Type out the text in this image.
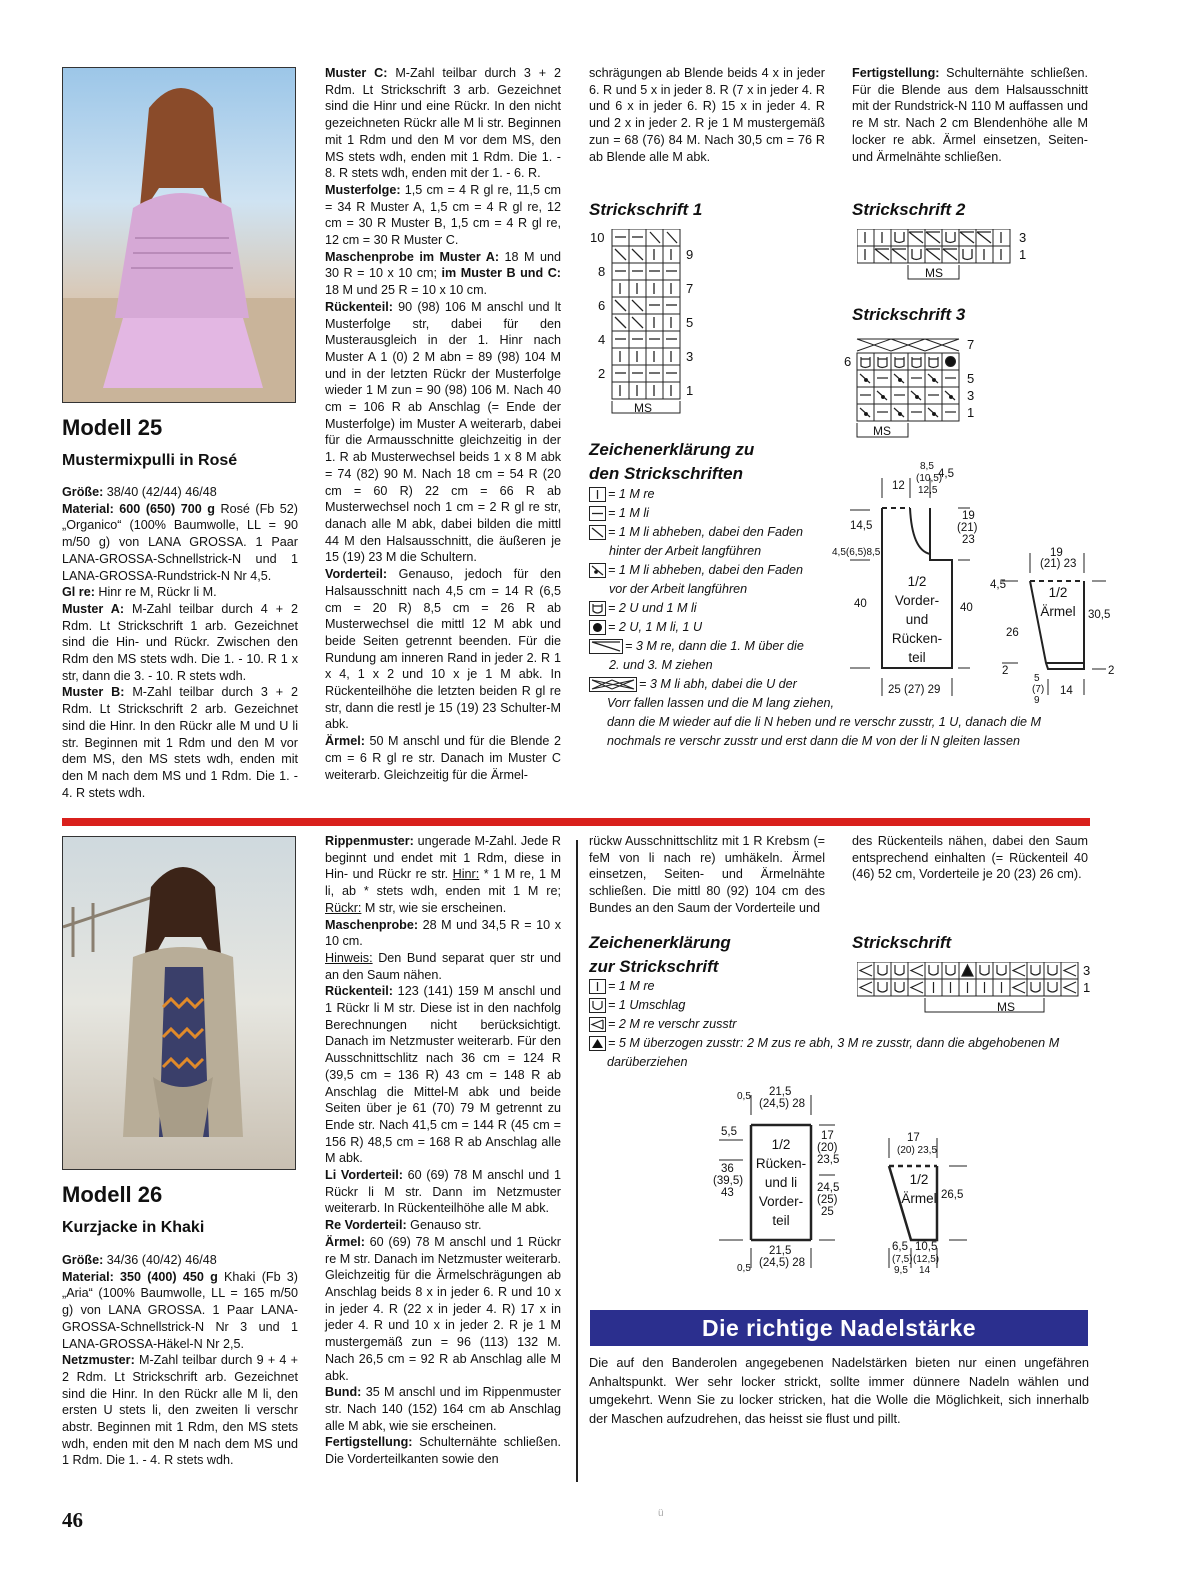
Modell 25
Mustermixpulli in Rosé
Größe: 38/40 (42/44) 46/48
Material: 600 (650) 700 g Rosé (Fb 52) „Organico“ (100% Baumwolle, LL = 90 m/50 g) von LANA GROSSA. 1 Paar LANA-GROSSA-Schnellstrick-N und 1 LANA-GROSSA-Rundstrick-N Nr 4,5.
Gl re: Hinr re M, Rückr li M.
Muster A: M-Zahl teilbar durch 4 + 2 Rdm. Lt Strickschrift 1 arb. Gezeichnet sind die Hin- und Rückr. Zwischen den Rdm den MS stets wdh. Die 1. - 10. R 1 x str, dann die 3. - 10. R stets wdh.
Muster B: M-Zahl teilbar durch 3 + 2 Rdm. Lt Strickschrift 2 arb. Gezeichnet sind die Hinr. In den Rückr alle M und U li str. Beginnen mit 1 Rdm und den M vor dem MS, den MS stets wdh, enden mit den M nach dem MS und 1 Rdm. Die 1. - 4. R stets wdh.
Muster C: M-Zahl teilbar durch 3 + 2 Rdm. Lt Strickschrift 3 arb. Gezeichnet sind die Hinr und eine Rückr. In den nicht gezeichneten Rückr alle M li str. Beginnen mit 1 Rdm und den M vor dem MS, den MS stets wdh, enden mit 1 Rdm. Die 1. - 8. R stets wdh, enden mit der 1. - 6. R.
Musterfolge: 1,5 cm = 4 R gl re, 11,5 cm = 34 R Muster A, 1,5 cm = 4 R gl re, 12 cm = 30 R Muster B, 1,5 cm = 4 R gl re, 12 cm = 30 R Muster C.
Maschenprobe im Muster A: 18 M und 30 R = 10 x 10 cm; im Muster B und C: 18 M und 25 R = 10 x 10 cm.
Rückenteil: 90 (98) 106 M anschl und lt Musterfolge str, dabei für den Musterausgleich in der 1. Hinr nach Muster A 1 (0) 2 M abn = 89 (98) 104 M und in der letzten Rückr der Musterfolge wieder 1 M zun = 90 (98) 106 M. Nach 40 cm = 106 R ab Anschlag (= Ende der Musterfolge) im Muster A weiterarb, dabei für die Armausschnitte gleichzeitig in der 1. R ab Musterwechsel beids 1 x 8 M abk = 74 (82) 90 M. Nach 18 cm = 54 R (20 cm = 60 R) 22 cm = 66 R ab Musterwechsel noch 1 cm = 2 R gl re str, danach alle M abk, dabei bilden die mittl 44 M den Halsausschnitt, die äußeren je 15 (19) 23 M die Schultern.
Vorderteil: Genauso, jedoch für den Halsausschnitt nach 4,5 cm = 14 R (6,5 cm = 20 R) 8,5 cm = 26 R ab Musterwechsel die mittl 12 M abk und beide Seiten getrennt beenden. Für die Rundung am inneren Rand in jeder 2. R 1 x 4, 1 x 2 und 10 x je 1 M abk. In Rückenteilhöhe die letzten beiden R gl re str, dann die restl je 15 (19) 23 Schulter-M abk.
Ärmel: 50 M anschl und für die Blende 2 cm = 6 R gl re str. Danach im Muster C weiterarb. Gleichzeitig für die Ärmel-
schrägungen ab Blende beids 4 x in jeder 6. R und 5 x in jeder 8. R (7 x in jeder 4. R und 6 x in jeder 6. R) 15 x in jeder 4. R und 2 x in jeder 2. R je 1 M mustergemäß zun = 68 (76) 84 M. Nach 30,5 cm = 76 R ab Blende alle M abk.
Fertigstellung: Schulternähte schließen. Für die Blende aus dem Halsausschnitt mit der Rundstrick-N 110 M auffassen und re M str. Nach 2 cm Blendenhöhe alle M locker re abk. Ärmel einsetzen, Seiten- und Ärmelnähte schließen.
Strickschrift 1
MS
10
8
6
4
2
9
7
5
3
1
Strickschrift 2
MS
3
1
Strickschrift 3
MS
6
7
5
3
1
Zeichenerklärung zu
den Strickschriften
= 1 M re
= 1 M li
= 1 M li abheben, dabei den Faden
hinter der Arbeit langführen
= 1 M li abheben, dabei den Faden
vor der Arbeit langführen
= 2 U und 1 M li
= 2 U, 1 M li, 1 U
= 3 M re, dann die 1. M über die
2. und 3. M ziehen
= 3 M li abh, dabei die U der
Vorr fallen lassen und die M lang ziehen,
dann die M wieder auf die li N heben und re verschr zusstr, 1 U, danach die M
nochmals re verschr zusstr und erst dann die M von der li N gleiten lassen
12
8,5
(10,5)
12,5
4,5
19
(21)
23
14,5
4,5(6,5)8,5
40	40
25 (27) 29
1/2
Vorder-
und
Rücken-
teil
19
(21) 23
4,5
26
30,5
2	2
5
(7)
9
14
1/2
Ärmel
Modell 26
Kurzjacke in Khaki
Größe: 34/36 (40/42) 46/48
Material: 350 (400) 450 g Khaki (Fb 3) „Aria“ (100% Baumwolle, LL = 165 m/50 g) von LANA GROSSA. 1 Paar LANA-GROSSA-Schnellstrick-N Nr 3 und 1 LANA-GROSSA-Häkel-N Nr 2,5.
Netzmuster: M-Zahl teilbar durch 9 + 4 + 2 Rdm. Lt Strickschrift arb. Gezeichnet sind die Hinr. In den Rückr alle M li, den ersten U stets li, den zweiten li verschr abstr. Beginnen mit 1 Rdm, den MS stets wdh, enden mit den M nach dem MS und 1 Rdm. Die 1. - 4. R stets wdh.
Rippenmuster: ungerade M-Zahl. Jede R beginnt und endet mit 1 Rdm, diese in Hin- und Rückr re str. Hinr: * 1 M re, 1 M li, ab * stets wdh, enden mit 1 M re; Rückr: M str, wie sie erscheinen.
Maschenprobe: 28 M und 34,5 R = 10 x 10 cm.
Hinweis: Den Bund separat quer str und an den Saum nähen.
Rückenteil: 123 (141) 159 M anschl und 1 Rückr li M str. Diese ist in den nachfolg Berechnungen nicht berücksichtigt. Danach im Netzmuster weiterarb. Für den Ausschnittschlitz nach 36 cm = 124 R (39,5 cm = 136 R) 43 cm = 148 R ab Anschlag die Mittel-M abk und beide Seiten über je 61 (70) 79 M getrennt zu Ende str. Nach 41,5 cm = 144 R (45 cm = 156 R) 48,5 cm = 168 R ab Anschlag alle M abk.
Li Vorderteil: 60 (69) 78 M anschl und 1 Rückr li M str. Dann im Netzmuster weiterarb. In Rückenteilhöhe alle M abk.
Re Vorderteil: Genauso str.
Ärmel: 60 (69) 78 M anschl und 1 Rückr re M str. Danach im Netzmuster weiterarb. Gleichzeitig für die Ärmelschrägungen ab Anschlag beids 8 x in jeder 6. R und 10 x in jeder 4. R (22 x in jeder 4. R) 17 x in jeder 4. R und 10 x in jeder 2. R je 1 M mustergemäß zun = 96 (113) 132 M. Nach 26,5 cm = 92 R ab Anschlag alle M abk.
Bund: 35 M anschl und im Rippenmuster str. Nach 140 (152) 164 cm ab Anschlag alle M abk, wie sie erscheinen.
Fertigstellung: Schulternähte schließen. Die Vorderteilkanten sowie den
rückw Ausschnittschlitz mit 1 R Krebsm (= feM von li nach re) umhäkeln. Ärmel einsetzen, Seiten- und Ärmelnähte schließen. Die mittl 80 (92) 104 cm des Bundes an den Saum der Vorderteile und
des Rückenteils nähen, dabei den Saum entsprechend einhalten (= Rückenteil 40 (46) 52 cm, Vorderteile je 20 (23) 26 cm).
Zeichenerklärung
zur Strickschrift
= 1 M re
= 1 Umschlag
= 2 M re verschr zusstr
= 5 M überzogen zusstr: 2 M zus re abh, 3 M re zusstr, dann die abgehobenen M
darüberziehen
Strickschrift
MS
3
1
0,5 21,5
(24,5) 28
5,5
36
(39,5)
43
17
(20)
23,5
24,5
(25)
25
21,5
(24,5) 28
0,5
1/2
Rücken-
und li
Vorder-
teil
17
(20) 23,5
26,5
6,5 10,5
(7,5) (12,5)
9,5 14
1/2
Ärmel
Die richtige Nadelstärke
Die auf den Banderolen angegebenen Nadelstärken bieten nur einen ungefähren Anhaltspunkt. Wer sehr locker strickt, sollte immer dünnere Nadeln wählen und umgekehrt. Wenn Sie zu locker stricken, hat die Wolle die Möglichkeit, sich innerhalb der Maschen aufzudrehen, das heisst sie flust und pillt.
46	ü
